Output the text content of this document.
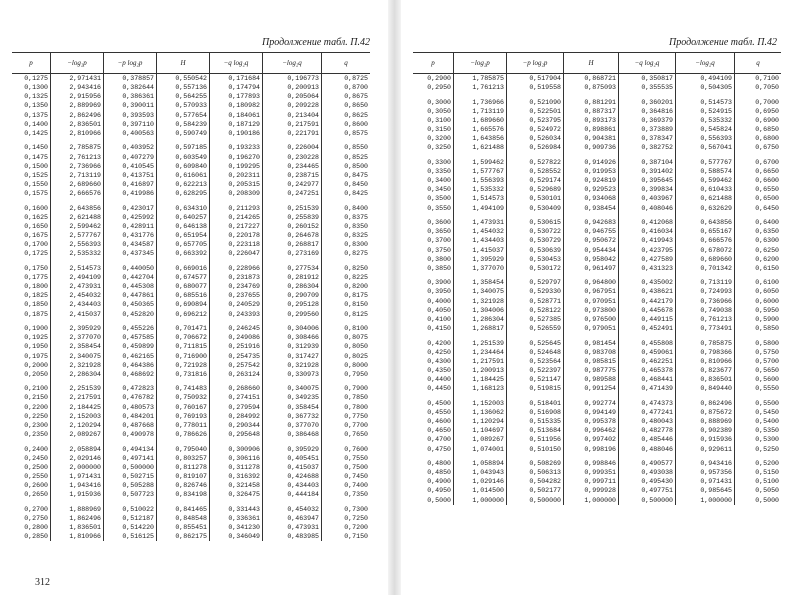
Продолжение табл. П.42
p	−log₂p	−p log₂p	H	−q log₂q	−log₂q	q
0,1275	2,971431	0,378857	0,550542	0,171684	0,196773	0,8725
0,1300	2,943416	0,382644	0,557136	0,174794	0,200913	0,8700
0,1325	2,915956	0,386361	0,564255	0,177893	0,205064	0,8675
0,1350	2,889969	0,390011	0,570933	0,180982	0,209228	0,8650
0,1375	2,862496	0,393593	0,577654	0,184061	0,213404	0,8625
0,1400	2,836501	0,397110	0,584239	0,187129	0,217591	0,8600
0,1425	2,810966	0,400563	0,590749	0,190186	0,221791	0,8575

0,1450	2,785875	0,403952	0,597185	0,193233	0,226004	0,8550
0,1475	2,761213	0,407279	0,603549	0,196270	0,230228	0,8525
0,1500	2,736966	0,410545	0,609840	0,199295	0,234465	0,8500
0,1525	2,713119	0,413751	0,616061	0,202311	0,238715	0,8475
0,1550	2,689660	0,416897	0,622213	0,205315	0,242977	0,8450
0,1575	2,666576	0,419986	0,628295	0,208309	0,247251	0,8425

0,1600	2,643856	0,423017	0,634310	0,211293	0,251539	0,8400
0,1625	2,621488	0,425992	0,640257	0,214265	0,255839	0,8375
0,1650	2,599462	0,428911	0,646138	0,217227	0,260152	0,8350
0,1675	2,577767	0,431776	0,651954	0,220178	0,264678	0,8325
0,1700	2,556393	0,434587	0,657705	0,223118	0,268817	0,8300
0,1725	2,535332	0,437345	0,663392	0,226047	0,273169	0,8275

0,1750	2,514573	0,440050	0,669016	0,228966	0,277534	0,8250
0,1775	2,494109	0,442704	0,674577	0,231873	0,281912	0,8225
0,1800	2,473931	0,445308	0,680077	0,234769	0,286304	0,8200
0,1825	2,454032	0,447861	0,685516	0,237655	0,290709	0,8175
0,1850	2,434403	0,450365	0,690894	0,240529	0,295128	0,8150
0,1875	2,415037	0,452820	0,696212	0,243393	0,299560	0,8125

0,1900	2,395929	0,455226	0,701471	0,246245	0,304006	0,8100
0,1925	2,377070	0,457585	0,706672	0,249086	0,308466	0,8075
0,1950	2,358454	0,459899	0,711815	0,251916	0,312939	0,8050
0,1975	2,340075	0,462165	0,716900	0,254735	0,317427	0,8025
0,2000	2,321928	0,464386	0,721928	0,257542	0,321928	0,8000
0,2050	2,286304	0,468692	0,731816	0,263124	0,330973	0,7950

0,2100	2,251539	0,472823	0,741483	0,268660	0,340075	0,7900
0,2150	2,217591	0,476782	0,750932	0,274151	0,349235	0,7850
0,2200	2,184425	0,480573	0,760167	0,279594	0,358454	0,7800
0,2250	2,152003	0,484201	0,769193	0,284992	0,367732	0,7750
0,2300	2,120294	0,487668	0,778011	0,290344	0,377070	0,7700
0,2350	2,089267	0,490978	0,786626	0,295648	0,386468	0,7650

0,2400	2,058894	0,494134	0,795040	0,300906	0,395929	0,7600
0,2450	2,029146	0,497141	0,803257	0,306116	0,405451	0,7550
0,2500	2,000000	0,500000	0,811278	0,311278	0,415037	0,7500
0,2550	1,971431	0,502715	0,819107	0,316392	0,424688	0,7450
0,2600	1,943416	0,505288	0,826746	0,321458	0,434403	0,7400
0,2650	1,915936	0,507723	0,834198	0,326475	0,444184	0,7350

0,2700	1,888969	0,510022	0,841465	0,331443	0,454032	0,7300
0,2750	1,862496	0,512187	0,848548	0,336361	0,463947	0,7250
0,2800	1,836501	0,514220	0,855451	0,341230	0,473931	0,7200
0,2850	1,810966	0,516125	0,862175	0,346049	0,483985	0,7150
312
Продолжение табл. П.42
p	−log₂p	−p log₂p	H	−q log₂q	−log₂q	q
0,2900	1,785875	0,517904	0,868721	0,350817	0,494109	0,7100
0,2950	1,761213	0,519558	0,875093	0,355535	0,504305	0,7050

0,3000	1,736966	0,521090	0,881291	0,360201	0,514573	0,7000
0,3050	1,713119	0,522501	0,887317	0,364816	0,524915	0,6950
0,3100	1,689660	0,523795	0,893173	0,369379	0,535332	0,6900
0,3150	1,665576	0,524972	0,898861	0,373889	0,545824	0,6850
0,3200	1,643856	0,526034	0,904381	0,378347	0,556393	0,6800
0,3250	1,621488	0,526984	0,909736	0,382752	0,567041	0,6750

0,3300	1,599462	0,527822	0,914926	0,387104	0,577767	0,6700
0,3350	1,577767	0,528552	0,919953	0,391402	0,588574	0,6650
0,3400	1,556393	0,529174	0,924819	0,395645	0,599462	0,6600
0,3450	1,535332	0,529689	0,929523	0,399834	0,610433	0,6550
0,3500	1,514573	0,530101	0,934068	0,403967	0,621488	0,6500
0,3550	1,494109	0,530409	0,938454	0,408046	0,632629	0,6450

0,3600	1,473931	0,530615	0,942683	0,412068	0,643856	0,6400
0,3650	1,454032	0,530722	0,946755	0,416034	0,655167	0,6350
0,3700	1,434403	0,530729	0,950672	0,419943	0,666576	0,6300
0,3750	1,415037	0,530639	0,954434	0,423795	0,678072	0,6250
0,3800	1,395929	0,530453	0,958042	0,427589	0,689660	0,6200
0,3850	1,377070	0,530172	0,961497	0,431323	0,701342	0,6150

0,3900	1,358454	0,529797	0,964800	0,435002	0,713119	0,6100
0,3950	1,340075	0,529330	0,967951	0,438621	0,724993	0,6050
0,4000	1,321928	0,528771	0,970951	0,442179	0,736966	0,6000
0,4050	1,304006	0,528122	0,973800	0,445678	0,749038	0,5950
0,4100	1,286304	0,527385	0,976500	0,449115	0,761213	0,5900
0,4150	1,268817	0,526559	0,979051	0,452491	0,773491	0,5850

0,4200	1,251539	0,525645	0,981454	0,455808	0,785875	0,5800
0,4250	1,234464	0,524648	0,983708	0,459061	0,798366	0,5750
0,4300	1,217591	0,523564	0,985815	0,462251	0,810966	0,5700
0,4350	1,200913	0,522397	0,987775	0,465378	0,823677	0,5650
0,4400	1,184425	0,521147	0,989588	0,468441	0,836501	0,5600
0,4450	1,168123	0,519815	0,991254	0,471439	0,849440	0,5550

0,4500	1,152003	0,518401	0,992774	0,474373	0,862496	0,5500
0,4550	1,136062	0,516908	0,994149	0,477241	0,875672	0,5450
0,4600	1,120294	0,515335	0,995378	0,480043	0,888969	0,5400
0,4650	1,104697	0,513684	0,996462	0,482778	0,902389	0,5350
0,4700	1,089267	0,511956	0,997402	0,485446	0,915936	0,5300
0,4750	1,074001	0,510150	0,998196	0,488046	0,929611	0,5250

0,4800	1,058894	0,508269	0,998846	0,490577	0,943416	0,5200
0,4850	1,043943	0,506313	0,999351	0,493038	0,957356	0,5150
0,4900	1,029146	0,504282	0,999711	0,495430	0,971431	0,5100
0,4950	1,014500	0,502177	0,999928	0,497751	0,985645	0,5050
0,5000	1,000000	0,500000	1,000000	0,500000	1,000000	0,5000
